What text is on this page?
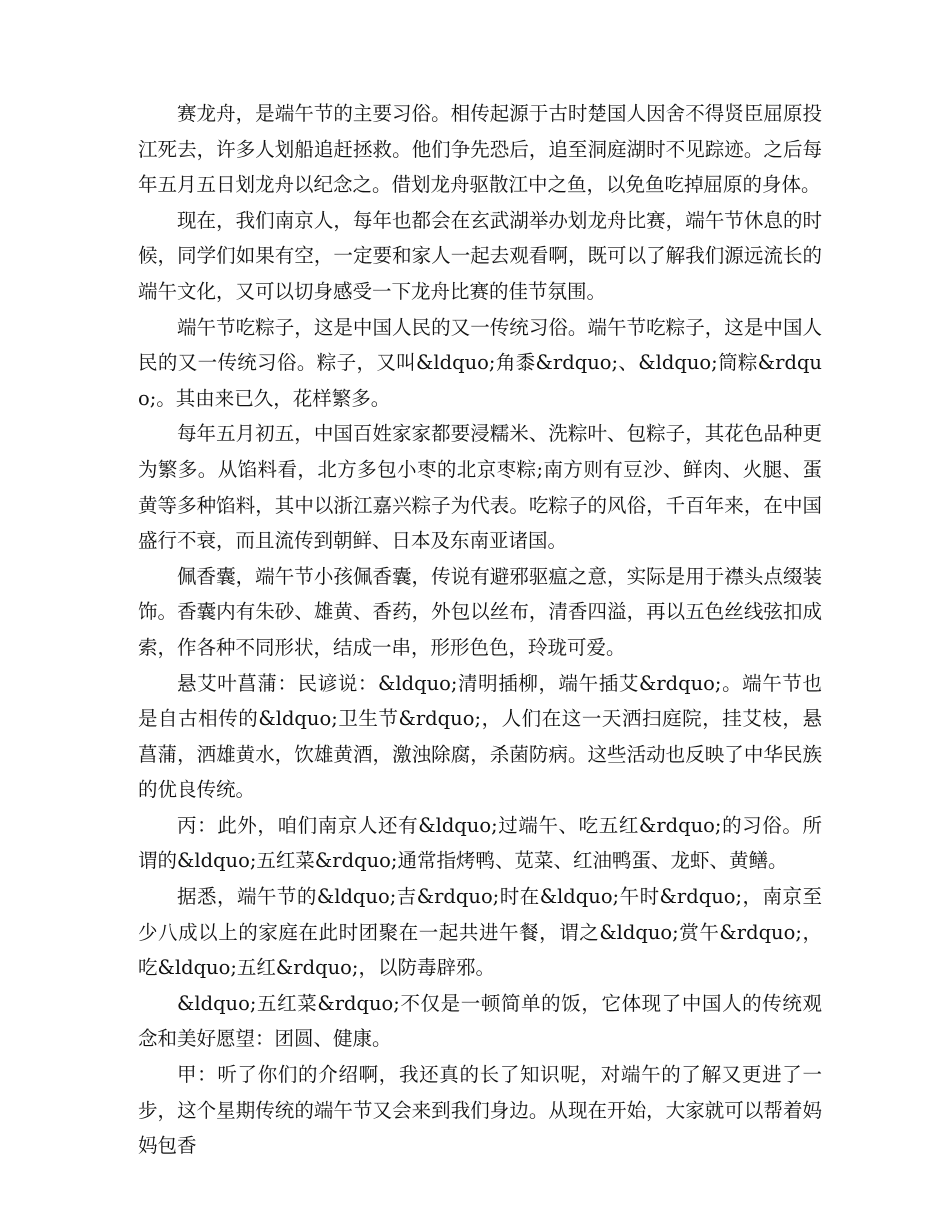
赛龙舟，是端午节的主要习俗。相传起源于古时楚国人因舍不得贤臣屈原投江死去，许多人划船追赶拯救。他们争先恐后，追至洞庭湖时不见踪迹。之后每年五月五日划龙舟以纪念之。借划龙舟驱散江中之鱼，以免鱼吃掉屈原的身体。

现在，我们南京人，每年也都会在玄武湖举办划龙舟比赛，端午节休息的时候，同学们如果有空，一定要和家人一起去观看啊，既可以了解我们源远流长的端午文化，又可以切身感受一下龙舟比赛的佳节氛围。

端午节吃粽子，这是中国人民的又一传统习俗。端午节吃粽子，这是中国人民的又一传统习俗。粽子，又叫&ldquo;角黍&rdquo;、&ldquo;筒粽&rdquo;。其由来已久，花样繁多。

每年五月初五，中国百姓家家都要浸糯米、洗粽叶、包粽子，其花色品种更为繁多。从馅料看，北方多包小枣的北京枣粽;南方则有豆沙、鲜肉、火腿、蛋黄等多种馅料，其中以浙江嘉兴粽子为代表。吃粽子的风俗，千百年来，在中国盛行不衰，而且流传到朝鲜、日本及东南亚诸国。

佩香囊，端午节小孩佩香囊，传说有避邪驱瘟之意，实际是用于襟头点缀装饰。香囊内有朱砂、雄黄、香药，外包以丝布，清香四溢，再以五色丝线弦扣成索，作各种不同形状，结成一串，形形色色，玲珑可爱。

悬艾叶菖蒲：民谚说：&ldquo;清明插柳，端午插艾&rdquo;。端午节也是自古相传的&ldquo;卫生节&rdquo;，人们在这一天洒扫庭院，挂艾枝，悬菖蒲，洒雄黄水，饮雄黄酒，激浊除腐，杀菌防病。这些活动也反映了中华民族的优良传统。

丙：此外，咱们南京人还有&ldquo;过端午、吃五红&rdquo;的习俗。所谓的&ldquo;五红菜&rdquo;通常指烤鸭、苋菜、红油鸭蛋、龙虾、黄鳝。

据悉，端午节的&ldquo;吉&rdquo;时在&ldquo;午时&rdquo;，南京至少八成以上的家庭在此时团聚在一起共进午餐，谓之&ldquo;赏午&rdquo;，吃&ldquo;五红&rdquo;，以防毒辟邪。

&ldquo;五红菜&rdquo;不仅是一顿简单的饭，它体现了中国人的传统观念和美好愿望：团圆、健康。

甲：听了你们的介绍啊，我还真的长了知识呢，对端午的了解又更进了一步，这个星期传统的端午节又会来到我们身边。从现在开始，大家就可以帮着妈妈包香
